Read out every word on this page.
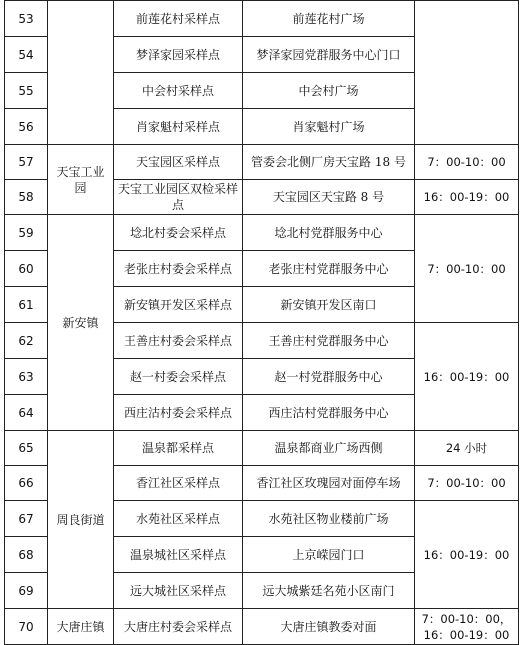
53		前莲花村采样点	前莲花村广场	
54		梦泽家园采样点	梦泽家园党群服务中心门口	
55		中会村采样点	中会村广场	
56		肖家魁村采样点	肖家魁村广场	
57	天宝工业园	天宝园区采样点	管委会北侧厂房天宝路 18 号	7：00-10：00
58		天宝工业园区双检采样点	天宝园区天宝路 8 号	16：00-19：00
59	新安镇	埝北村委会采样点	埝北村党群服务中心	7：00-10：00
60		老张庄村委会采样点	老张庄村党群服务中心	
61		新安镇开发区采样点	新安镇开发区南口	
62		王善庄村委会采样点	王善庄村党群服务中心	16：00-19：00
63		赵一村委会采样点	赵一村党群服务中心	
64		西庄沽村委会采样点	西庄沽村党群服务中心	
65	周良街道	温泉都采样点	温泉都商业广场西侧	24 小时
66		香江社区采样点	香江社区玫瑰园对面停车场	7：00-10：00
67		水苑社区采样点	水苑社区物业楼前广场	16：00-19：00
68		温泉城社区采样点	上京嵘园门口	
69		远大城社区采样点	远大城紫廷名苑小区南门	
70	大唐庄镇	大唐庄村委会采样点	大唐庄镇教委对面	7：00-10：00，
16：00-19：00
